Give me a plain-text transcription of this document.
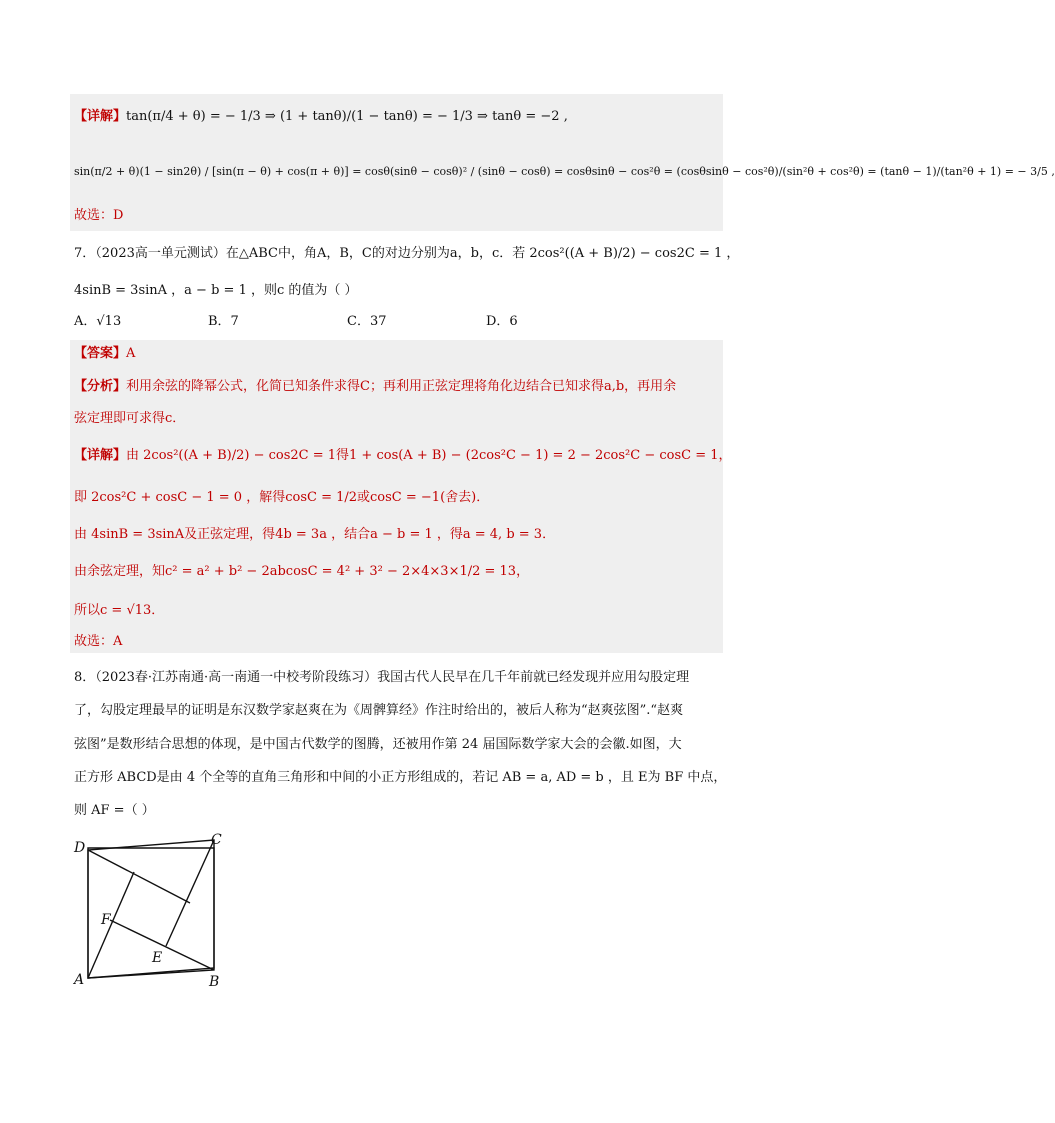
【详解】tan(π/4 + θ) = − 1/3 ⇒ (1 + tanθ)/(1 − tanθ) = − 1/3 ⇒ tanθ = −2 ,
sin(π/2 + θ)(1 − sin2θ) / [sin(π − θ) + cos(π + θ)] = cosθ(sinθ − cosθ)² / (sinθ − cosθ) = cosθsinθ − cos²θ = (cosθsinθ − cos²θ)/(sin²θ + cos²θ) = (tanθ − 1)/(tan²θ + 1) = − 3/5 ,
故选：D
7．（2023高一单元测试）在△ABC中，角A，B，C的对边分别为a，b，c．若 2cos²((A + B)/2) − cos2C = 1 ，
4sinB = 3sinA ，a − b = 1 ，则c 的值为（ ）
A．√13	B．7	C．37	D．6
【答案】A
【分析】利用余弦的降幂公式，化简已知条件求得C；再利用正弦定理将角化边结合已知求得a,b，再用余
弦定理即可求得c．
【详解】由 2cos²((A + B)/2) − cos2C = 1得1 + cos(A + B) − (2cos²C − 1) = 2 − 2cos²C − cosC = 1，
即 2cos²C + cosC − 1 = 0 ，解得cosC = 1/2或cosC = −1(舍去)．
由 4sinB = 3sinA及正弦定理，得4b = 3a ，结合a − b = 1 ，得a = 4, b = 3．
由余弦定理，知c² = a² + b² − 2abcosC = 4² + 3² − 2×4×3×1/2 = 13，
所以c = √13．
故选：A
8．（2023春·江苏南通·高一南通一中校考阶段练习）我国古代人民早在几千年前就已经发现并应用勾股定理
了，勾股定理最早的证明是东汉数学家赵爽在为《周髀算经》作注时给出的，被后人称为“赵爽弦图”.“赵爽
弦图”是数形结合思想的体现，是中国古代数学的图腾，还被用作第 24 届国际数学家大会的会徽.如图，大
正方形 ABCD是由 4 个全等的直角三角形和中间的小正方形组成的，若记 AB = a, AD = b ，且 E为 BF 中点，
则 AF =（ ）
D	C
F
E
A	B
